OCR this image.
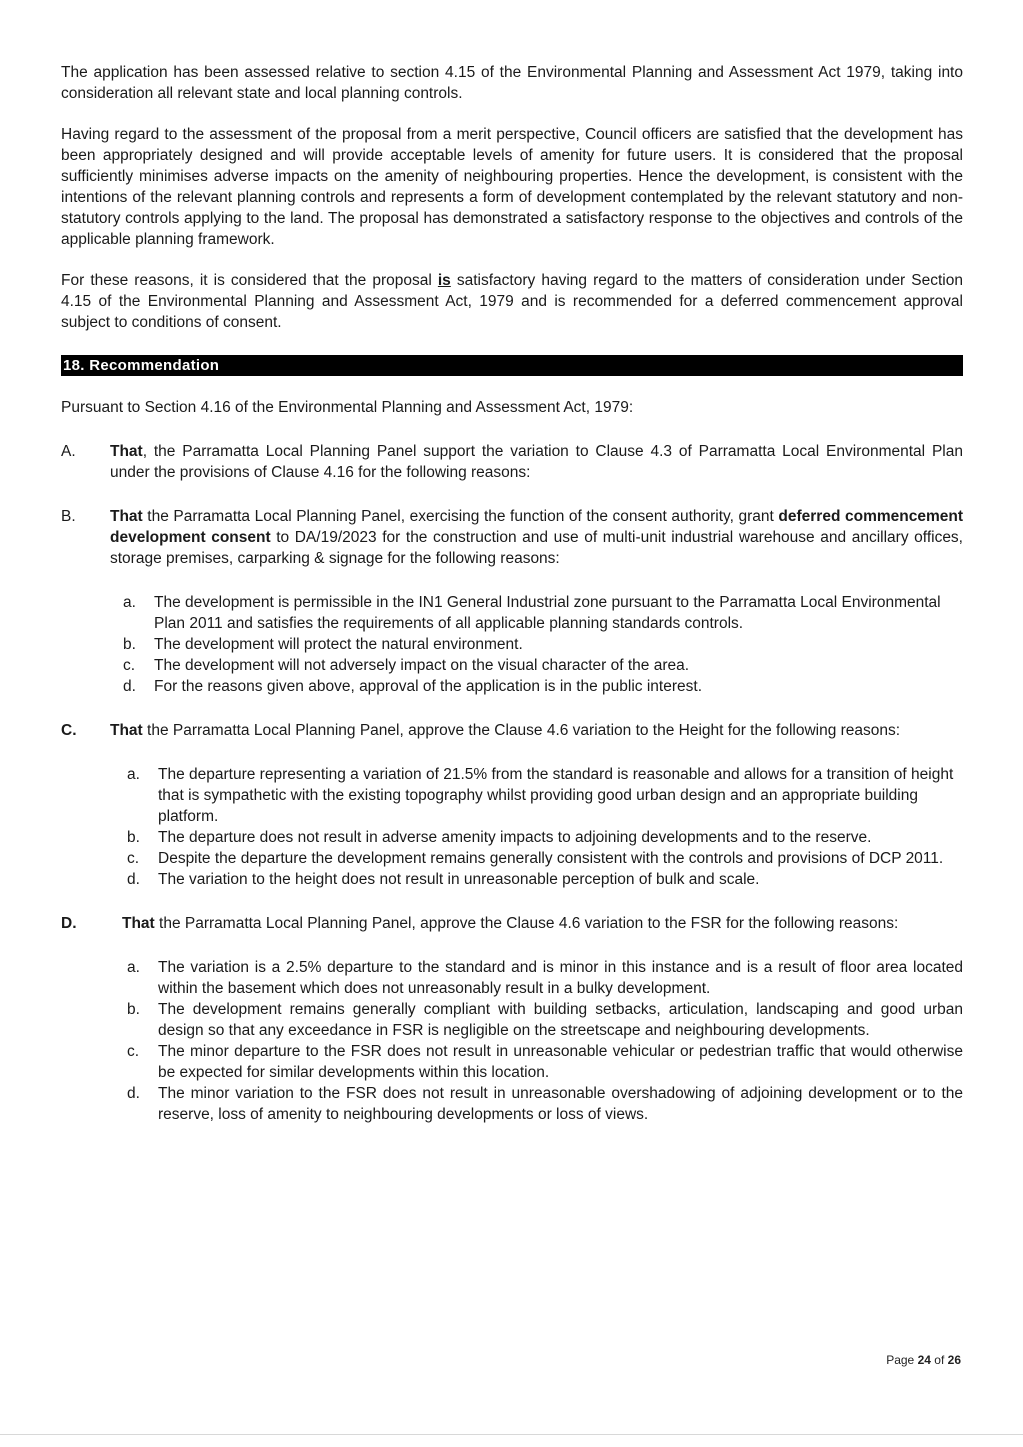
The application has been assessed relative to section 4.15 of the Environmental Planning and Assessment Act 1979, taking into consideration all relevant state and local planning controls.

Having regard to the assessment of the proposal from a merit perspective, Council officers are satisfied that the development has been appropriately designed and will provide acceptable levels of amenity for future users. It is considered that the proposal sufficiently minimises adverse impacts on the amenity of neighbouring properties. Hence the development, is consistent with the intentions of the relevant planning controls and represents a form of development contemplated by the relevant statutory and non-statutory controls applying to the land. The proposal has demonstrated a satisfactory response to the objectives and controls of the applicable planning framework.

For these reasons, it is considered that the proposal is satisfactory having regard to the matters of consideration under Section 4.15 of the Environmental Planning and Assessment Act, 1979 and is recommended for a deferred commencement approval subject to conditions of consent.

18. Recommendation

Pursuant to Section 4.16 of the Environmental Planning and Assessment Act, 1979:

A.	That, the Parramatta Local Planning Panel support the variation to Clause 4.3 of Parramatta Local Environmental Plan under the provisions of Clause 4.16 for the following reasons:
B.	That the Parramatta Local Planning Panel, exercising the function of the consent authority, grant deferred commencement development consent to DA/19/2023 for the construction and use of multi-unit industrial warehouse and ancillary offices, storage premises, carparking & signage for the following reasons:
a.	The development is permissible in the IN1 General Industrial zone pursuant to the Parramatta Local Environmental Plan 2011 and satisfies the requirements of all applicable planning standards controls.
b.	The development will protect the natural environment.
c.	The development will not adversely impact on the visual character of the area.
d.	For the reasons given above, approval of the application is in the public interest.
C.	That the Parramatta Local Planning Panel, approve the Clause 4.6 variation to the Height for the following reasons:
a.	The departure representing a variation of 21.5% from the standard is reasonable and allows for a transition of height that is sympathetic with the existing topography whilst providing good urban design and an appropriate building platform.
b.	The departure does not result in adverse amenity impacts to adjoining developments and to the reserve.
c.	Despite the departure the development remains generally consistent with the controls and provisions of DCP 2011.
d.	The variation to the height does not result in unreasonable perception of bulk and scale.
D.	That the Parramatta Local Planning Panel, approve the Clause 4.6 variation to the FSR for the following reasons:
a.	The variation is a 2.5% departure to the standard and is minor in this instance and is a result of floor area located within the basement which does not unreasonably result in a bulky development.
b.	The development remains generally compliant with building setbacks, articulation, landscaping and good urban design so that any exceedance in FSR is negligible on the streetscape and neighbouring developments.
c.	The minor departure to the FSR does not result in unreasonable vehicular or pedestrian traffic that would otherwise be expected for similar developments within this location.
d.	The minor variation to the FSR does not result in unreasonable overshadowing of adjoining development or to the reserve, loss of amenity to neighbouring developments or loss of views.
Page 24 of 26
